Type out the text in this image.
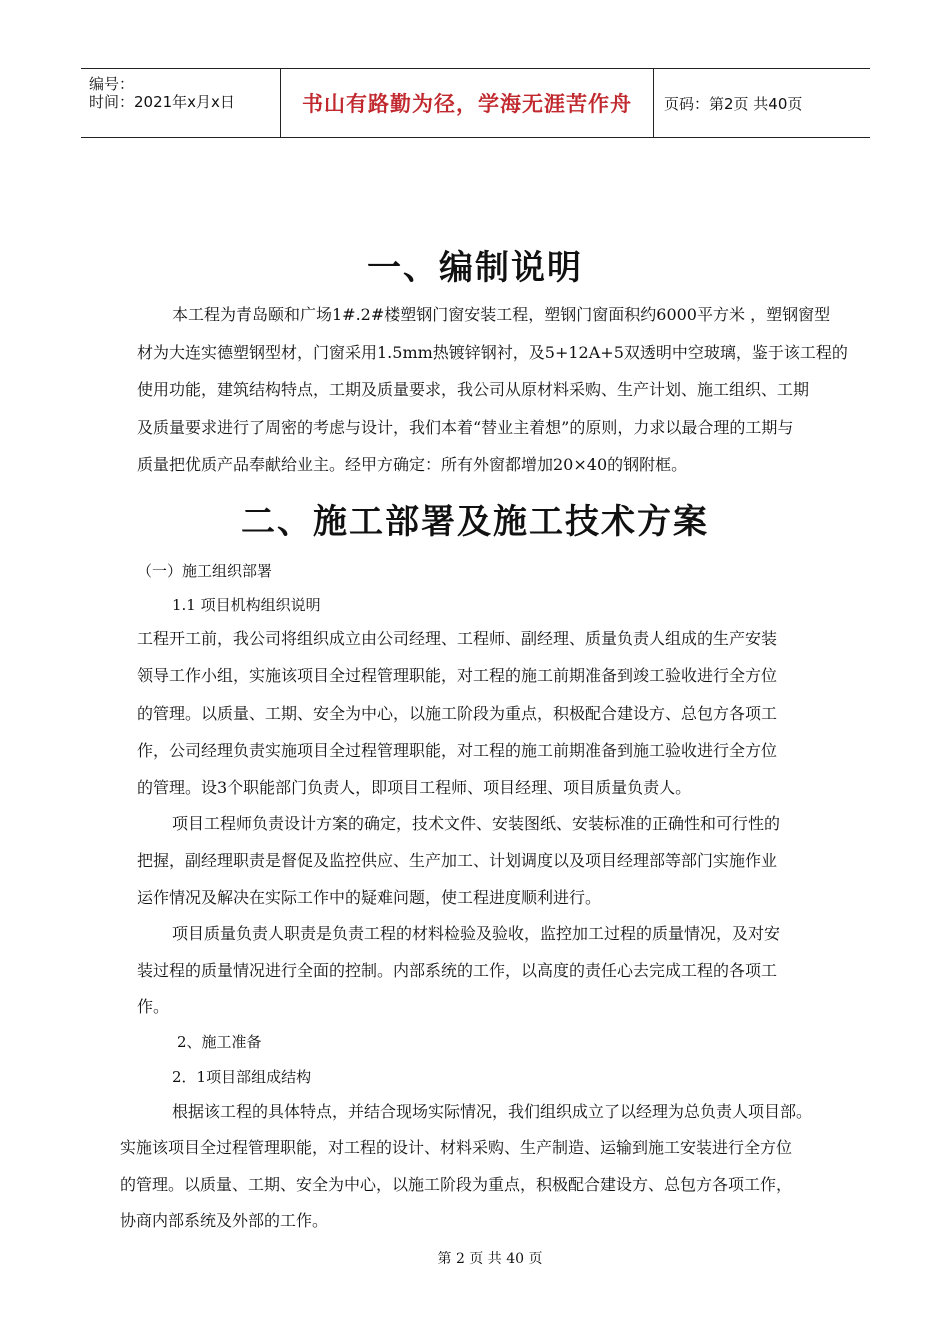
编号：
时间：2021年x月x日	书山有路勤为径，学海无涯苦作舟 页码：第2页 共40页
一、编制说明
本工程为青岛颐和广场1#.2#楼塑钢门窗安装工程，塑钢门窗面积约6000平方米 ，塑钢窗型
材为大连实德塑钢型材，门窗采用1.5mm热镀锌钢衬，及5+12A+5双透明中空玻璃，鉴于该工程的
使用功能，建筑结构特点，工期及质量要求，我公司从原材料采购、生产计划、施工组织、工期
及质量要求进行了周密的考虑与设计，我们本着“替业主着想”的原则，力求以最合理的工期与
质量把优质产品奉献给业主。经甲方确定：所有外窗都增加20×40的钢附框。
二、施工部署及施工技术方案
（一）施工组织部署
1.1 项目机构组织说明
工程开工前，我公司将组织成立由公司经理、工程师、副经理、质量负责人组成的生产安装
领导工作小组，实施该项目全过程管理职能，对工程的施工前期准备到竣工验收进行全方位
的管理。以质量、工期、安全为中心，以施工阶段为重点，积极配合建设方、总包方各项工
作，公司经理负责实施项目全过程管理职能，对工程的施工前期准备到施工验收进行全方位
的管理。设3个职能部门负责人，即项目工程师、项目经理、项目质量负责人。
项目工程师负责设计方案的确定，技术文件、安装图纸、安装标准的正确性和可行性的
把握，副经理职责是督促及监控供应、生产加工、计划调度以及项目经理部等部门实施作业
运作情况及解决在实际工作中的疑难问题，使工程进度顺利进行。
项目质量负责人职责是负责工程的材料检验及验收，监控加工过程的质量情况，及对安
装过程的质量情况进行全面的控制。内部系统的工作，以高度的责任心去完成工程的各项工
作。
2、施工准备
2．1项目部组成结构
根据该工程的具体特点，并结合现场实际情况，我们组织成立了以经理为总负责人项目部。
实施该项目全过程管理职能，对工程的设计、材料采购、生产制造、运输到施工安装进行全方位
的管理。以质量、工期、安全为中心，以施工阶段为重点，积极配合建设方、总包方各项工作，
协商内部系统及外部的工作。
第 2 页 共 40 页
